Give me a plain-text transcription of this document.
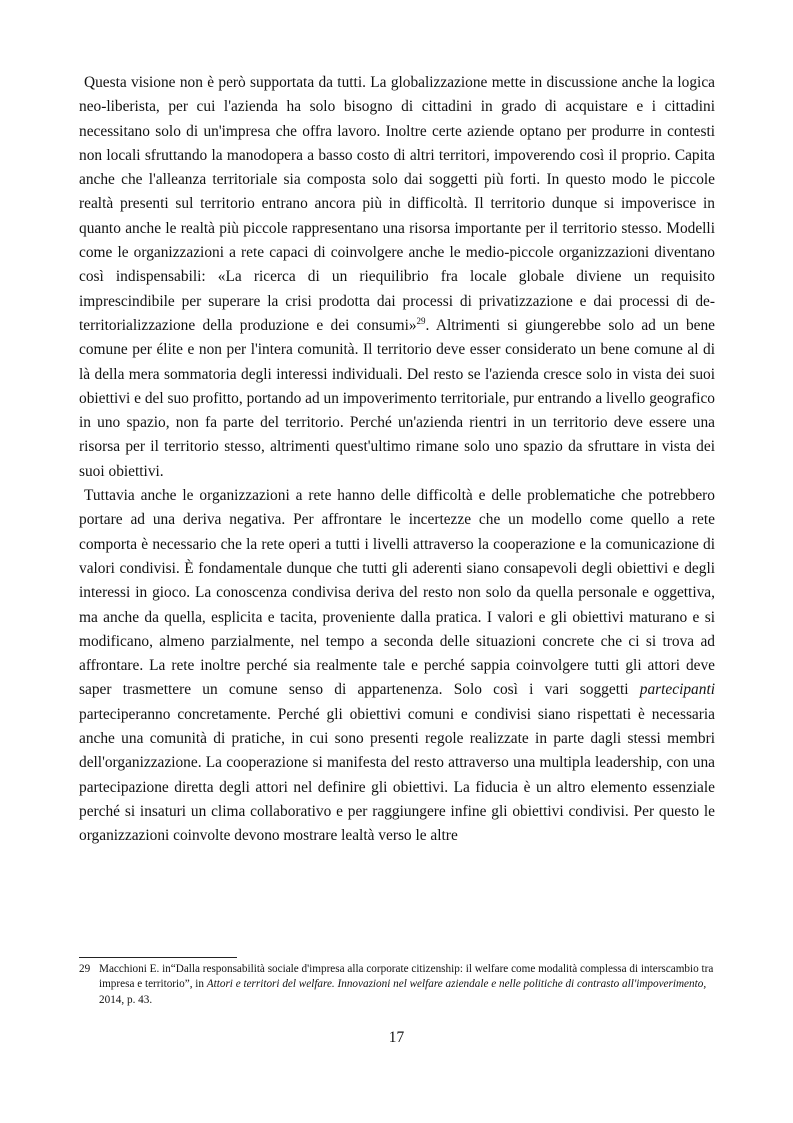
Questa visione non è però supportata da tutti. La globalizzazione mette in discussione anche la logica neo-liberista, per cui l'azienda ha solo bisogno di cittadini in grado di acquistare e i cittadini necessitano solo di un'impresa che offra lavoro. Inoltre certe aziende optano per produrre in contesti non locali sfruttando la manodopera a basso costo di altri territori, impoverendo così il proprio. Capita anche che l'alleanza territoriale sia composta solo dai soggetti più forti. In questo modo le piccole realtà presenti sul territorio entrano ancora più in difficoltà. Il territorio dunque si impoverisce in quanto anche le realtà più piccole rappresentano una risorsa importante per il territorio stesso. Modelli come le organizzazioni a rete capaci di coinvolgere anche le medio-piccole organizzazioni diventano così indispensabili: «La ricerca di un riequilibrio fra locale globale diviene un requisito imprescindibile per superare la crisi prodotta dai processi di privatizzazione e dai processi di de-territorializzazione della produzione e dei consumi»$^{29}$. Altrimenti si giungerebbe solo ad un bene comune per élite e non per l'intera comunità. Il territorio deve esser considerato un bene comune al di là della mera sommatoria degli interessi individuali. Del resto se l'azienda cresce solo in vista dei suoi obiettivi e del suo profitto, portando ad un impoverimento territoriale, pur entrando a livello geografico in uno spazio, non fa parte del territorio. Perché un'azienda rientri in un territorio deve essere una risorsa per il territorio stesso, altrimenti quest'ultimo rimane solo uno spazio da sfruttare in vista dei suoi obiettivi.

Tuttavia anche le organizzazioni a rete hanno delle difficoltà e delle problematiche che potrebbero portare ad una deriva negativa. Per affrontare le incertezze che un modello come quello a rete comporta è necessario che la rete operi a tutti i livelli attraverso la cooperazione e la comunicazione di valori condivisi. È fondamentale dunque che tutti gli aderenti siano consapevoli degli obiettivi e degli interessi in gioco. La conoscenza condivisa deriva del resto non solo da quella personale e oggettiva, ma anche da quella, esplicita e tacita, proveniente dalla pratica. I valori e gli obiettivi maturano e si modificano, almeno parzialmente, nel tempo a seconda delle situazioni concrete che ci si trova ad affrontare. La rete inoltre perché sia realmente tale e perché sappia coinvolgere tutti gli attori deve saper trasmettere un comune senso di appartenenza. Solo così i vari soggetti partecipanti parteciperanno concretamente. Perché gli obiettivi comuni e condivisi siano rispettati è necessaria anche una comunità di pratiche, in cui sono presenti regole realizzate in parte dagli stessi membri dell'organizzazione. La cooperazione si manifesta del resto attraverso una multipla leadership, con una partecipazione diretta degli attori nel definire gli obiettivi. La fiducia è un altro elemento essenziale perché si insaturi un clima collaborativo e per raggiungere infine gli obiettivi condivisi. Per questo le organizzazioni coinvolte devono mostrare lealtà verso le altre

29 Macchioni E. in“Dalla responsabilità sociale d'impresa alla corporate citizenship: il welfare come modalità complessa di interscambio tra impresa e territorio”, in Attori e territori del welfare. Innovazioni nel welfare aziendale e nelle politiche di contrasto all'impoverimento, 2014, p. 43.
17
